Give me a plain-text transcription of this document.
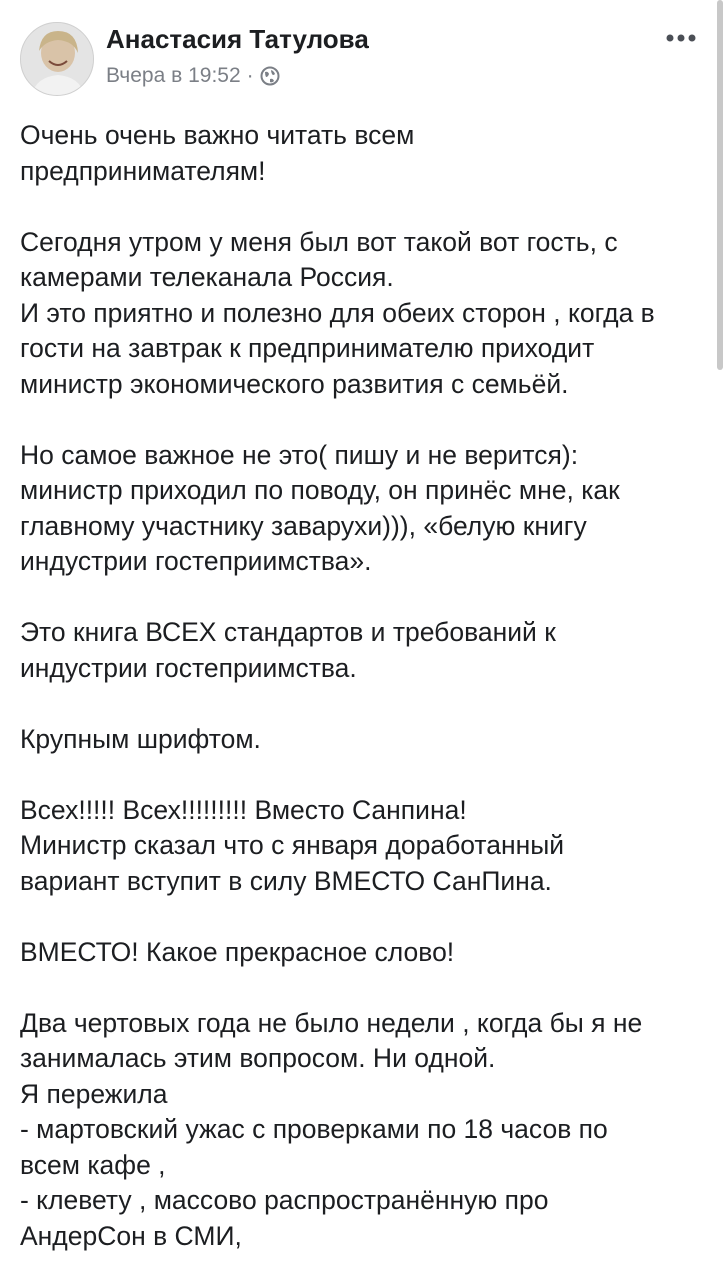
Анастасия Татулова
Вчера в 19:52 ·

Очень очень важно читать всем

предпринимателям!

Сегодня утром у меня был вот такой вот гость, с

камерами телеканала Россия.

И это приятно и полезно для обеих сторон , когда в

гости на завтрак к предпринимателю приходит

министр экономического развития с семьёй.

Но самое важное не это( пишу и не верится):

министр приходил по поводу, он принёс мне, как

главному участнику заварухи))), «белую книгу

индустрии гостеприимства».

Это книга ВСЕХ стандартов и требований к

индустрии гостеприимства.

Крупным шрифтом.

Всех!!!!! Всех!!!!!!!!! Вместо Санпина!

Министр сказал что с января доработанный

вариант вступит в силу ВМЕСТО СанПина.

ВМЕСТО! Какое прекрасное слово!

Два чертовых года не было недели , когда бы я не

занималась этим вопросом. Ни одной.

Я пережила

- мартовский ужас с проверками по 18 часов по

всем кафе ,

- клевету , массово распространённую про

АндерСон в СМИ,
